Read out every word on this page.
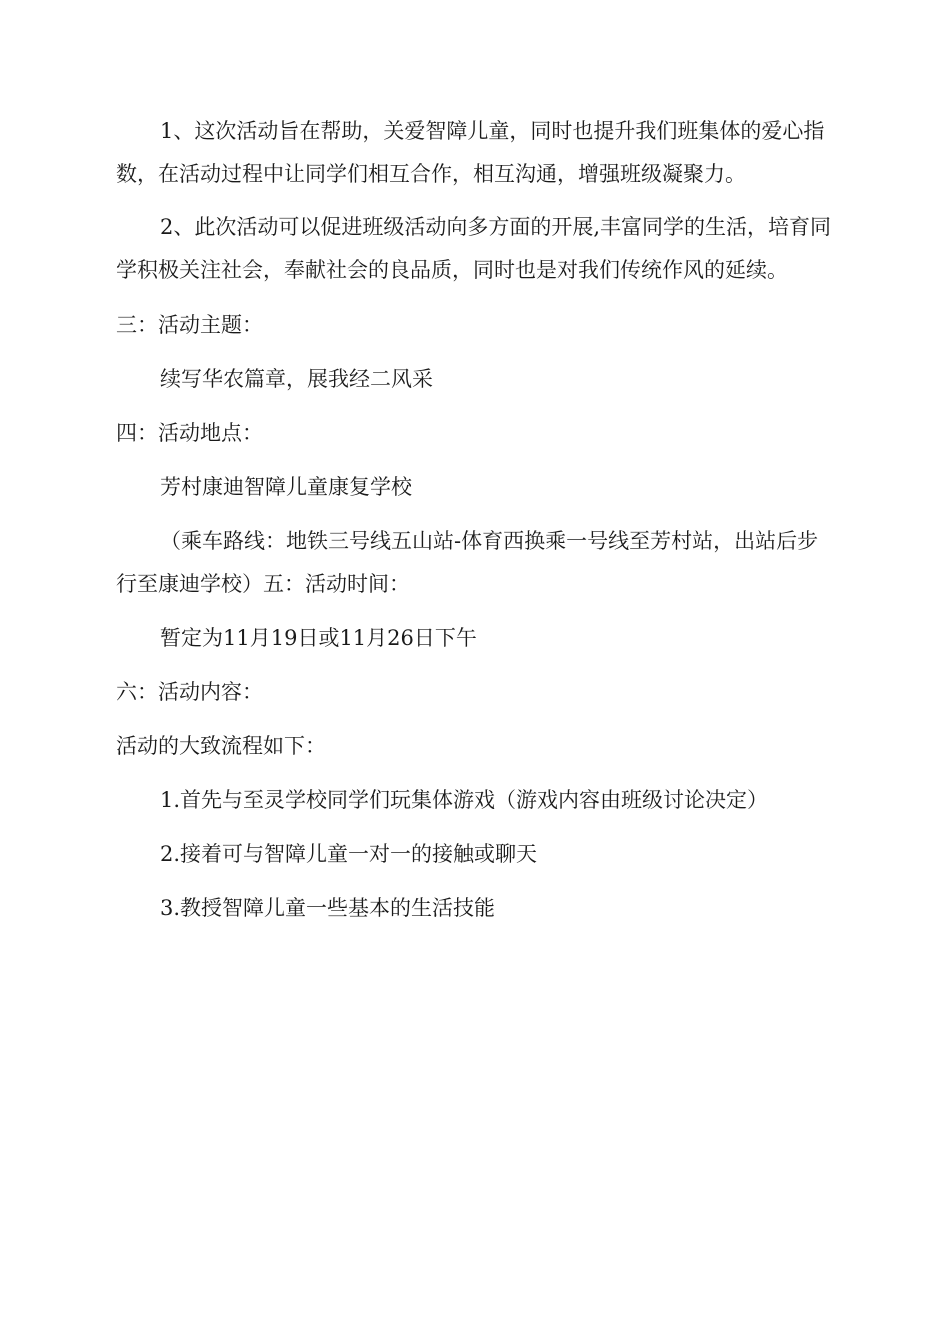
1、这次活动旨在帮助，关爱智障儿童，同时也提升我们班集体的爱心指数，在活动过程中让同学们相互合作，相互沟通，增强班级凝聚力。

2、此次活动可以促进班级活动向多方面的开展,丰富同学的生活，培育同学积极关注社会，奉献社会的良品质，同时也是对我们传统作风的延续。

三：活动主题：

续写华农篇章，展我经二风采

四：活动地点：

芳村康迪智障儿童康复学校

（乘车路线：地铁三号线五山站-体育西换乘一号线至芳村站，出站后步行至康迪学校）五：活动时间：

暂定为11月19日或11月26日下午

六：活动内容：

活动的大致流程如下：

1.首先与至灵学校同学们玩集体游戏（游戏内容由班级讨论决定）

2.接着可与智障儿童一对一的接触或聊天

3.教授智障儿童一些基本的生活技能
